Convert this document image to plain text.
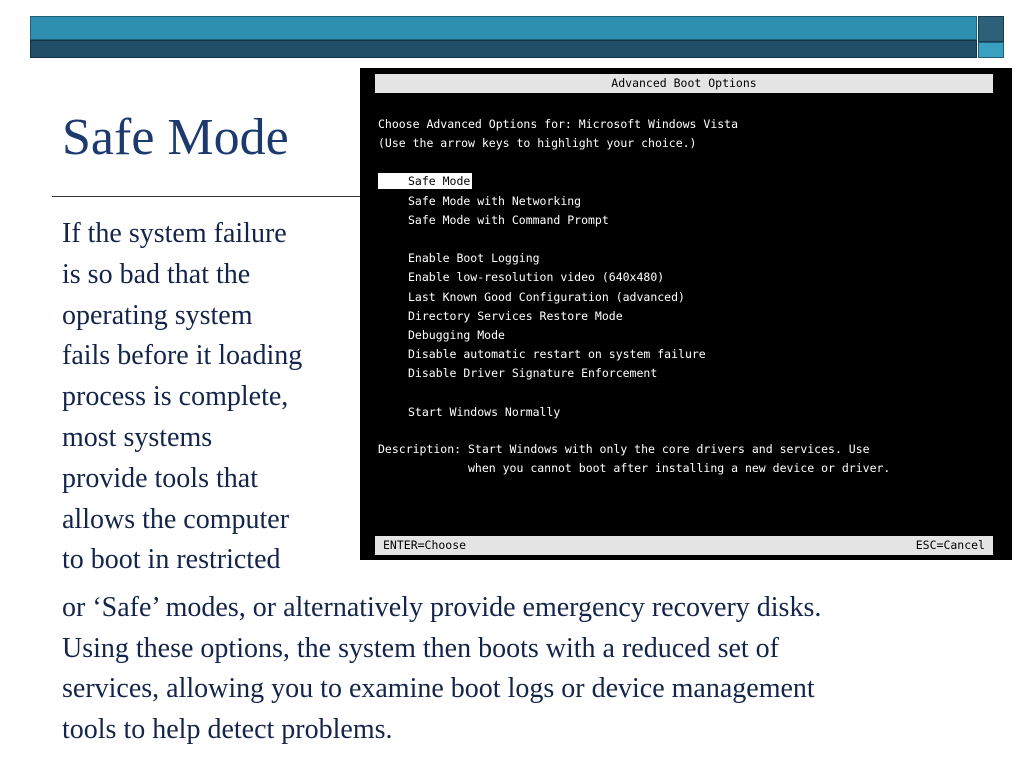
Safe Mode

If the system failure
is so bad that the
operating system
fails before it loading
process is complete,
most systems
provide tools that
allows the computer
to boot in restricted

Advanced Boot Options
Choose Advanced Options for: Microsoft Windows Vista
(Use the arrow keys to highlight your choice.)
Safe Mode
Safe Mode with Networking
Safe Mode with Command Prompt
Enable Boot Logging
Enable low-resolution video (640x480)
Last Known Good Configuration (advanced)
Directory Services Restore Mode
Debugging Mode
Disable automatic restart on system failure
Disable Driver Signature Enforcement
Start Windows Normally
Description: Start Windows with only the core drivers and services. Use
when you cannot boot after installing a new device or driver.
ENTER=Choose	ESC=Cancel

or ‘Safe’ modes, or alternatively provide emergency recovery disks.
Using these options, the system then boots with a reduced set of
services, allowing you to examine boot logs or device management
tools to help detect problems.
